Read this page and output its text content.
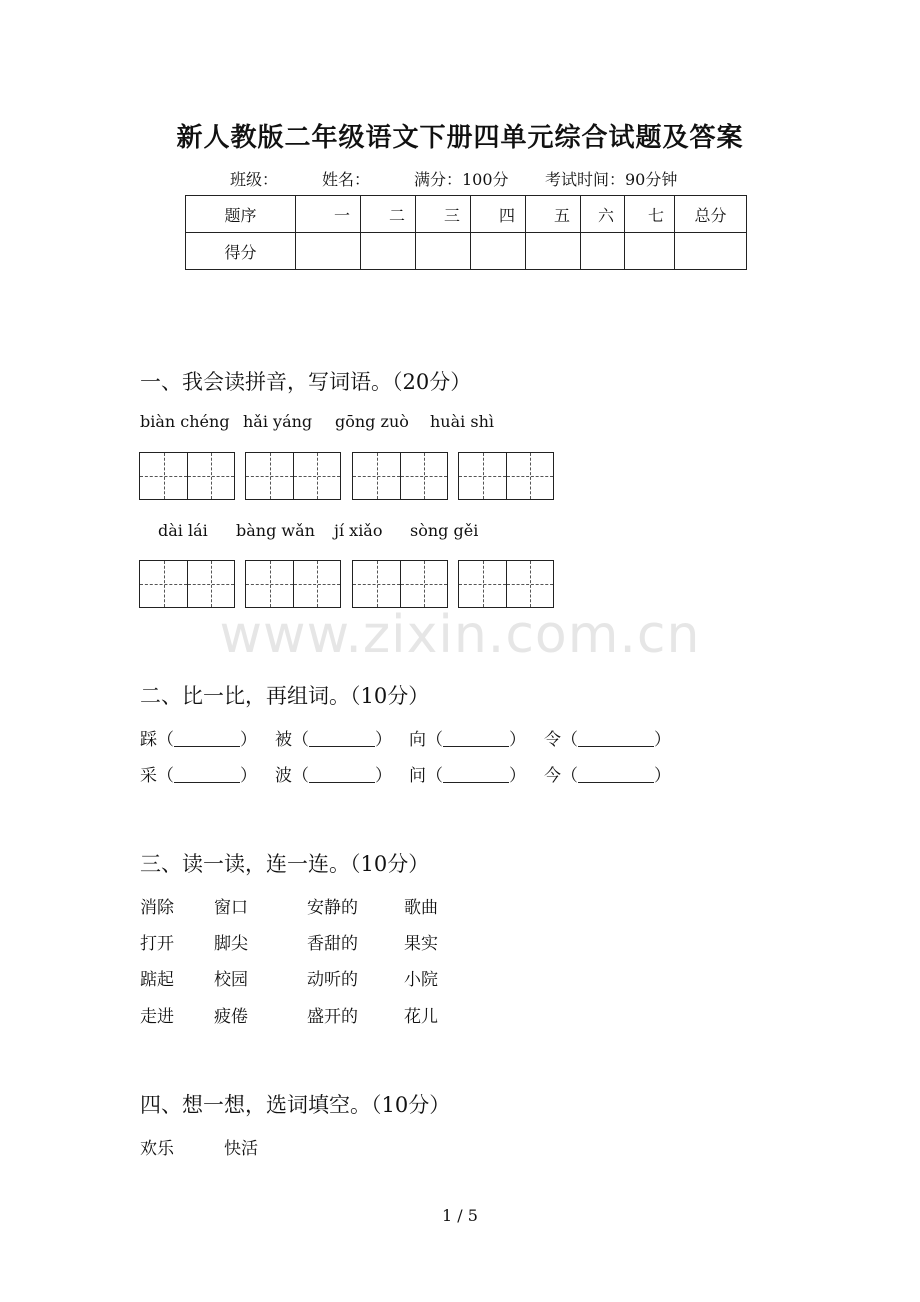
新人教版二年级语文下册四单元综合试题及答案
班级：	姓名：	满分：100分 考试时间：90分钟
题序	一	二	三	四	五	六	七	总分
得分								
一、我会读拼音，写词语。（20分）
biàn chéng hǎi yáng gōng zuò huài shì
dài lái bàng wǎn jí xiǎo sòng gěi
www.zixin.com.cn
二、比一比，再组词。（10分）
踩（	） 被（	） 向（	） 令（	）
采（	） 波（	） 问（	） 今（	）
三、读一读，连一连。（10分）
消除 窗口	安静的	歌曲
打开 脚尖	香甜的	果实
踮起 校园	动听的	小院
走进 疲倦	盛开的	花儿
四、想一想，选词填空。（10分）
欢乐	快活
1 / 5
